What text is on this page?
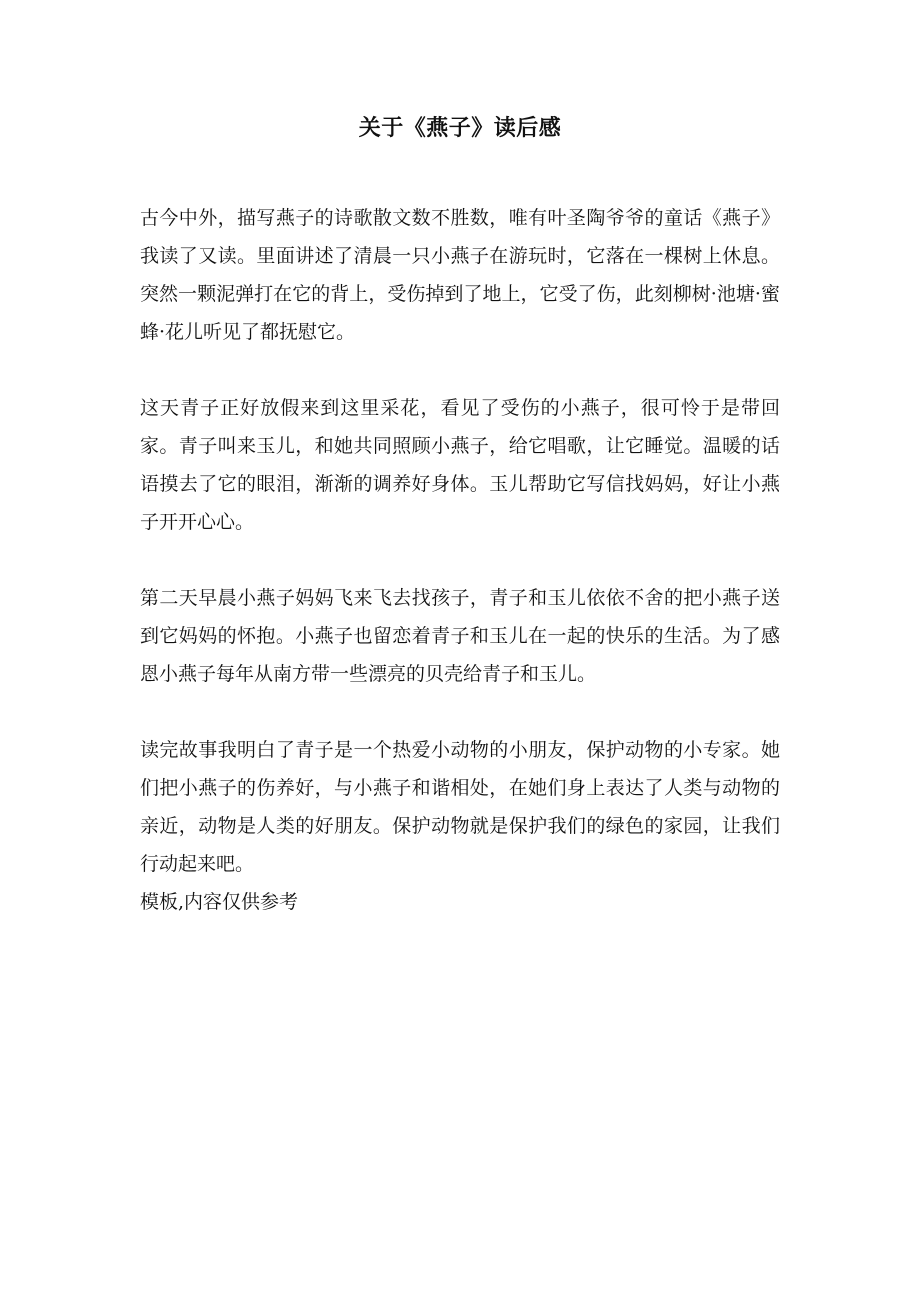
关于《燕子》读后感

古今中外，描写燕子的诗歌散文数不胜数，唯有叶圣陶爷爷的童话《燕子》我读了又读。里面讲述了清晨一只小燕子在游玩时，它落在一棵树上休息。突然一颗泥弹打在它的背上，受伤掉到了地上，它受了伤，此刻柳树·池塘·蜜蜂·花儿听见了都抚慰它。

这天青子正好放假来到这里采花，看见了受伤的小燕子，很可怜于是带回家。青子叫来玉儿，和她共同照顾小燕子，给它唱歌，让它睡觉。温暖的话语摸去了它的眼泪，渐渐的调养好身体。玉儿帮助它写信找妈妈，好让小燕子开开心心。

第二天早晨小燕子妈妈飞来飞去找孩子，青子和玉儿依依不舍的把小燕子送到它妈妈的怀抱。小燕子也留恋着青子和玉儿在一起的快乐的生活。为了感恩小燕子每年从南方带一些漂亮的贝壳给青子和玉儿。

读完故事我明白了青子是一个热爱小动物的小朋友，保护动物的小专家。她们把小燕子的伤养好，与小燕子和谐相处，在她们身上表达了人类与动物的亲近，动物是人类的好朋友。保护动物就是保护我们的绿色的家园，让我们行动起来吧。

模板,内容仅供参考
